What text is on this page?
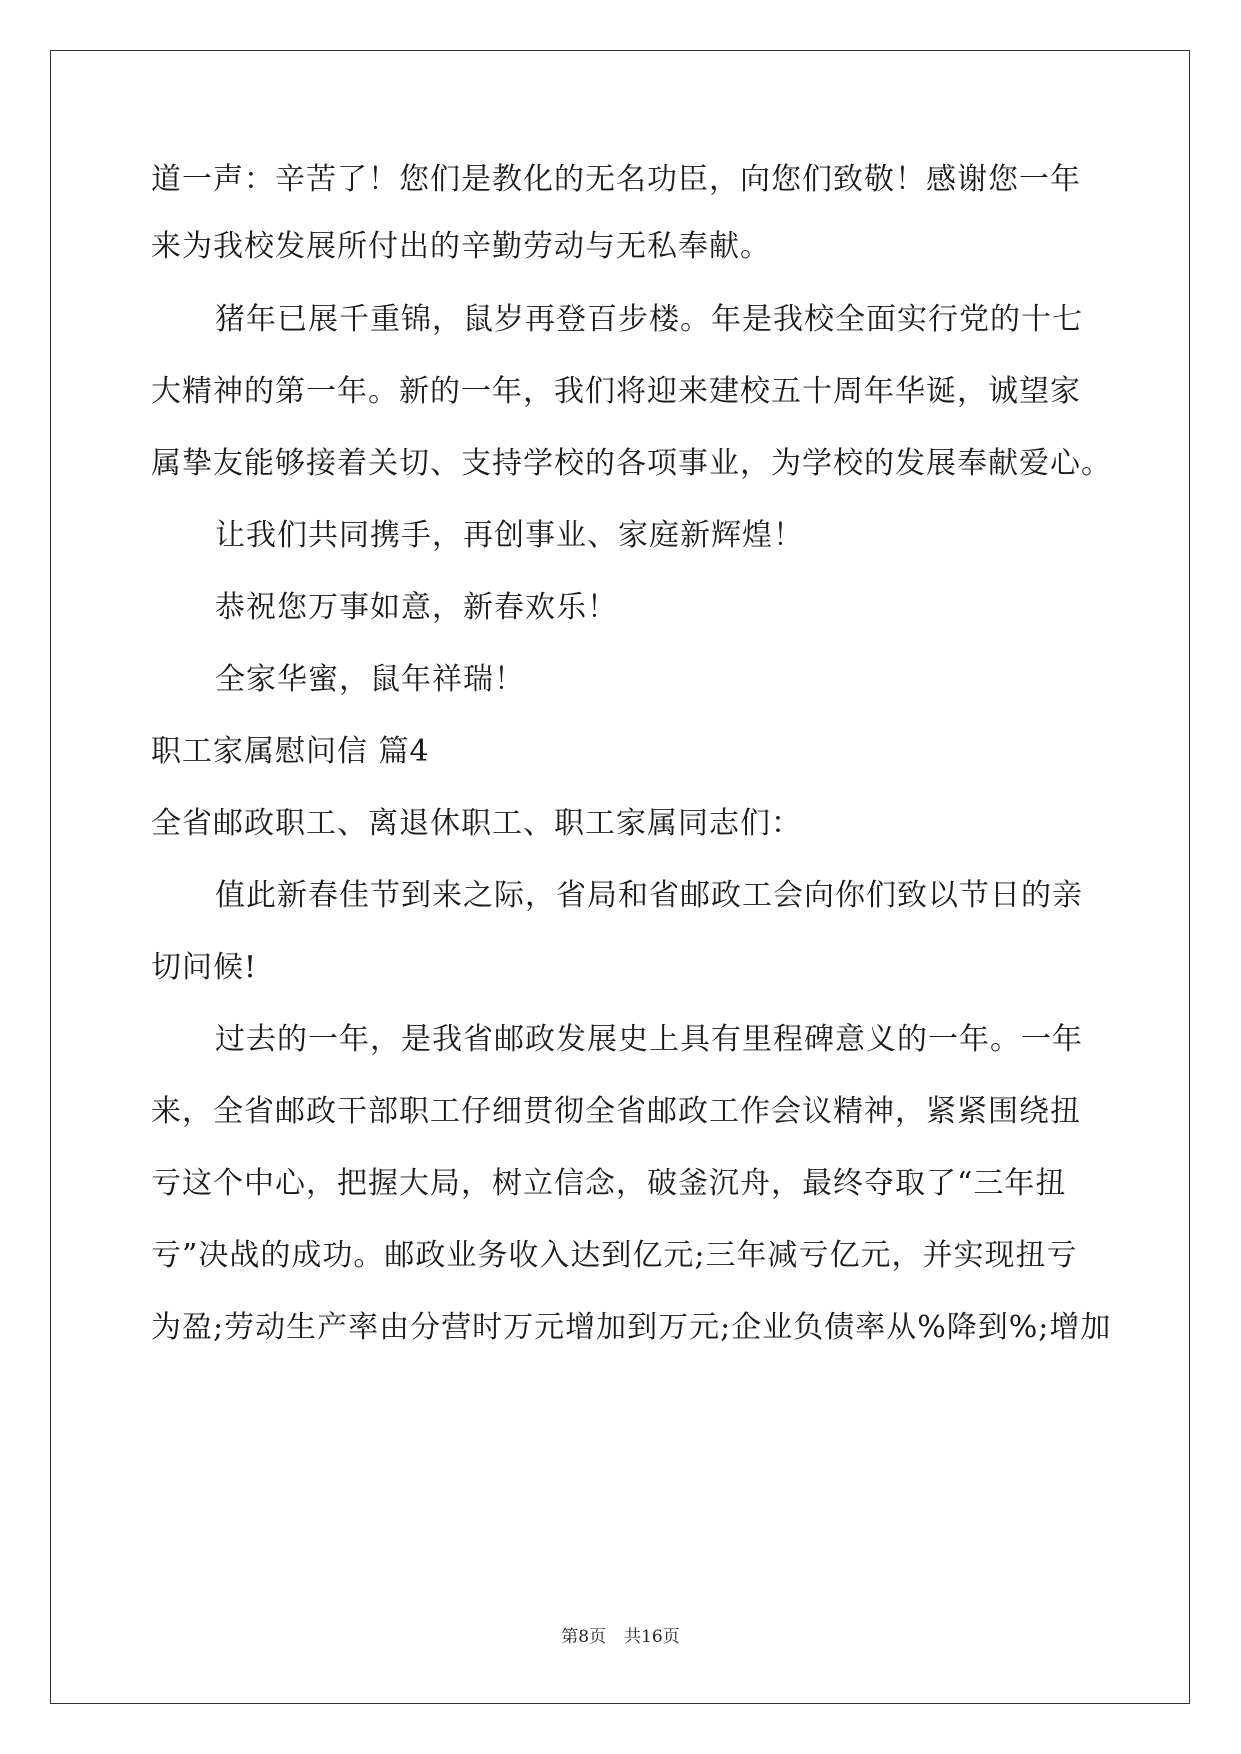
道一声：辛苦了！您们是教化的无名功臣，向您们致敬！感谢您一年
来为我校发展所付出的辛勤劳动与无私奉献。
猪年已展千重锦，鼠岁再登百步楼。年是我校全面实行党的十七
大精神的第一年。新的一年，我们将迎来建校五十周年华诞，诚望家
属挚友能够接着关切、支持学校的各项事业，为学校的发展奉献爱心。
让我们共同携手，再创事业、家庭新辉煌！
恭祝您万事如意，新春欢乐！
全家华蜜，鼠年祥瑞！
职工家属慰问信 篇4
全省邮政职工、离退休职工、职工家属同志们：
值此新春佳节到来之际，省局和省邮政工会向你们致以节日的亲
切问候!
过去的一年，是我省邮政发展史上具有里程碑意义的一年。一年
来，全省邮政干部职工仔细贯彻全省邮政工作会议精神，紧紧围绕扭
亏这个中心，把握大局，树立信念，破釜沉舟，最终夺取了“三年扭
亏”决战的成功。邮政业务收入达到亿元;三年减亏亿元，并实现扭亏
为盈;劳动生产率由分营时万元增加到万元;企业负债率从%降到%;增加
第8页 共16页
